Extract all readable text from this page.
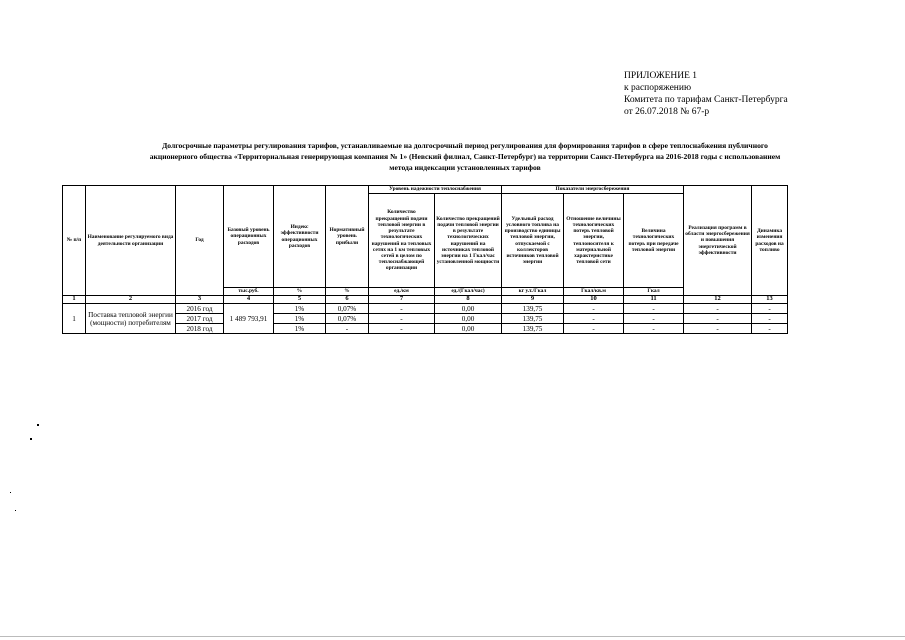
ПРИЛОЖЕНИЕ 1
к распоряжению
Комитета по тарифам Санкт-Петербурга
от 26.07.2018 № 67-р
Долгосрочные параметры регулирования тарифов, устанавливаемые на долгосрочный период регулирования для формирования тарифов в сфере теплоснабжения публичного
акционерного общества «Территориальная генерирующая компания № 1» (Невский филиал, Санкт-Петербург) на территории Санкт-Петербурга на 2016-2018 годы с использованием
метода индексации установленных тарифов
№ п/п	Наименование регулируемого вида деятельности организации	Год	Базовый уровень операционных расходов	Индекс эффективности операционных расходов	Нормативный уровень прибыли	Уровень надежности теплоснабжения		Показатели энергосбережения			Реализация программ в области энергосбережения и повышения энергетической эффективности	Динамика изменения расходов на топливо
						Количество прекращений подачи тепловой энергии в результате технологических нарушений на тепловых сетях на 1 км тепловых сетей в целом по теплоснабжающей организации	Количество прекращений подачи тепловой энергии в результате технологических нарушений на источниках тепловой энергии на 1 Гкал/час установленной мощности	Удельный расход условного топлива на производство единицы тепловой энергии, отпускаемой с коллекторов источников тепловой энергии	Отношение величины технологических потерь тепловой энергии, теплоносителя к материальной характеристике тепловой сети	Величина технологических потерь при передаче тепловой энергии		
			тыс.руб.	%	%	ед./км	ед./(Гкал/час)	кг у.т./Гкал	Гкал/кв.м	Гкал		
1	2	3	4	5	6	7	8	9	10	11	12	13
1	Поставка тепловой энергии (мощности) потребителям	2016 год	1 489 793,91	1%	0,07%	-	0,00	139,75	-	-	-	-
		2017 год		1%	0,07%	-	0,00	139,75	-	-	-	-
		2018 год		1%	-	-	0,00	139,75	-	-	-	-
